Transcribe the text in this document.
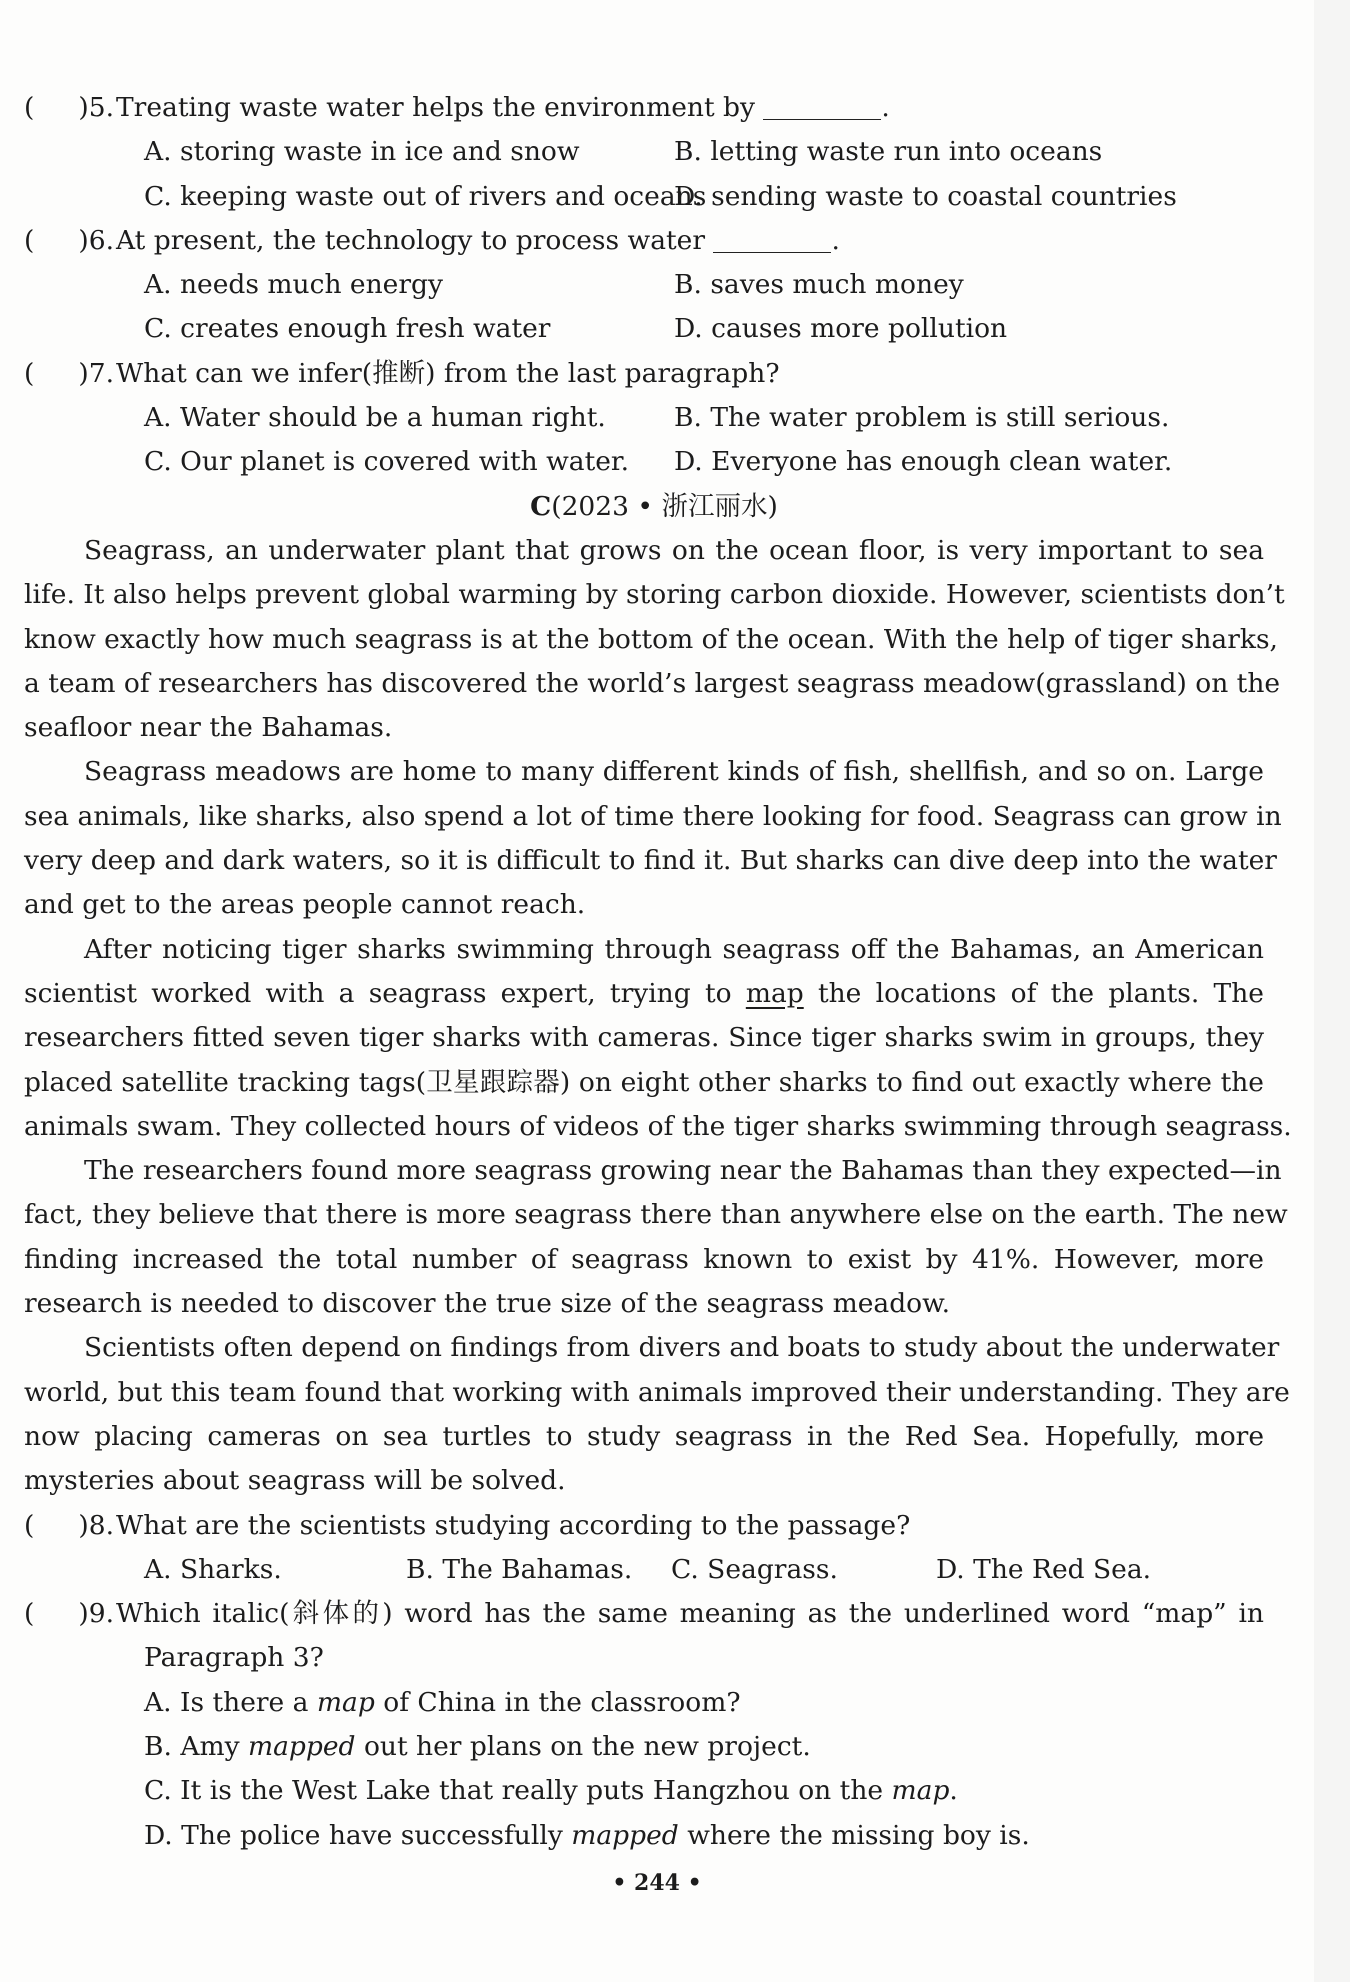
(	)5. Treating waste water helps the environment by	.
A. storing waste in ice and snow	B. letting waste run into oceans
C. keeping waste out of rivers and oceans
D. sending waste to coastal countries
(	)6. At present, the technology to process water	.
A. needs much energy	B. saves much money
C. creates enough fresh water	D. causes more pollution
(	)7. What can we infer(推断) from the last paragraph?
A. Water should be a human right.	B. The water problem is still serious.
C. Our planet is covered with water.	D. Everyone has enough clean water.
C(2023 • 浙江丽水)
Seagrass, an underwater plant that grows on the ocean floor, is very important to sea
life. It also helps prevent global warming by storing carbon dioxide. However, scientists don’t
know exactly how much seagrass is at the bottom of the ocean. With the help of tiger sharks,
a team of researchers has discovered the world’s largest seagrass meadow(grassland) on the
seafloor near the Bahamas.
Seagrass meadows are home to many different kinds of fish, shellfish, and so on. Large
sea animals, like sharks, also spend a lot of time there looking for food. Seagrass can grow in
very deep and dark waters, so it is difficult to find it. But sharks can dive deep into the water
and get to the areas people cannot reach.
After noticing tiger sharks swimming through seagrass off the Bahamas, an American
scientist worked with a seagrass expert, trying to map the locations of the plants. The
researchers fitted seven tiger sharks with cameras. Since tiger sharks swim in groups, they
placed satellite tracking tags(卫星跟踪器) on eight other sharks to find out exactly where the
animals swam. They collected hours of videos of the tiger sharks swimming through seagrass.
The researchers found more seagrass growing near the Bahamas than they expected—in
fact, they believe that there is more seagrass there than anywhere else on the earth. The new
finding increased the total number of seagrass known to exist by 41%. However, more
research is needed to discover the true size of the seagrass meadow.
Scientists often depend on findings from divers and boats to study about the underwater
world, but this team found that working with animals improved their understanding. They are
now placing cameras on sea turtles to study seagrass in the Red Sea. Hopefully, more
mysteries about seagrass will be solved.
(	)8. What are the scientists studying according to the passage?
A. Sharks.	B. The Bahamas.	C. Seagrass.	D. The Red Sea.
(	)9. Which italic(斜体的) word has the same meaning as the underlined word “map” in
Paragraph 3?
A. Is there a map of China in the classroom?
B. Amy mapped out her plans on the new project.
C. It is the West Lake that really puts Hangzhou on the map.
D. The police have successfully mapped where the missing boy is.
• 244 •
